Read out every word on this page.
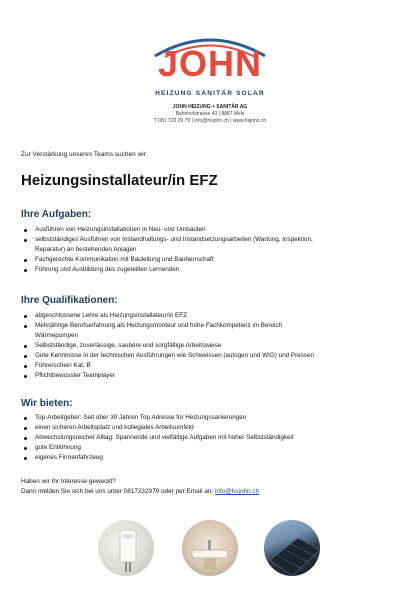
JOHN
HEIZUNG SANITÄR SOLAR
JOHN HEIZUNG + SANITÄR AG
Bahnhofstrasse 43 | 8887 Mels
T 081 723 29 79 | info@hsjohn.ch | www.hsjohn.ch
Zur Verstärkung unseres Teams suchen wir:
Heizungsinstallateur/in EFZ
Ihre Aufgaben:
Ausführen von Heizungsinstallationen in Neu- und Umbauten
selbstständiges Ausführen von Instandhaltungs- und Instandsetzungsarbeiten (Wartung, Inspektion,
Reparatur) an bestehenden Anlagen
Fachgerechte Kommunikation mit Bauleitung und Bauherrschaft
Führung und Ausbildung des zugeteilten Lernenden
Ihre Qualifikationen:
abgeschlossene Lehre als Heizungsinstallateur/in EFZ
Mehrjährige Berufserfahrung als Heizungsmonteur und hohe Fachkompetenz im Bereich
Wärmepumpen
Selbstständige, zuverlässige, saubere und sorgfältige Arbeitsweise
Gute Kenntnisse in der technischen Ausführungen wie Schweissen (autogen und WIG) und Pressen
Führerschein Kat. B
Pflichtbewusster Teamplayer
Wir bieten:
Top-Arbeitgeber: Seit über 30 Jahren Top Adresse für Heizungssanierungen
einen sicheren Arbeitsplatz und kollegiales Arbeitsumfeld
Abwechslungsreicher Alltag: Spannende und vielfältige Aufgaben mit hoher Selbstständigkeit
gute Entlöhnung
eigenes Firmenfahrzeug
Haben wir Ihr Interesse geweckt?
Dann melden Sie sich bei uns unter 0817232979 oder per Email an: info@hsjohn.ch
